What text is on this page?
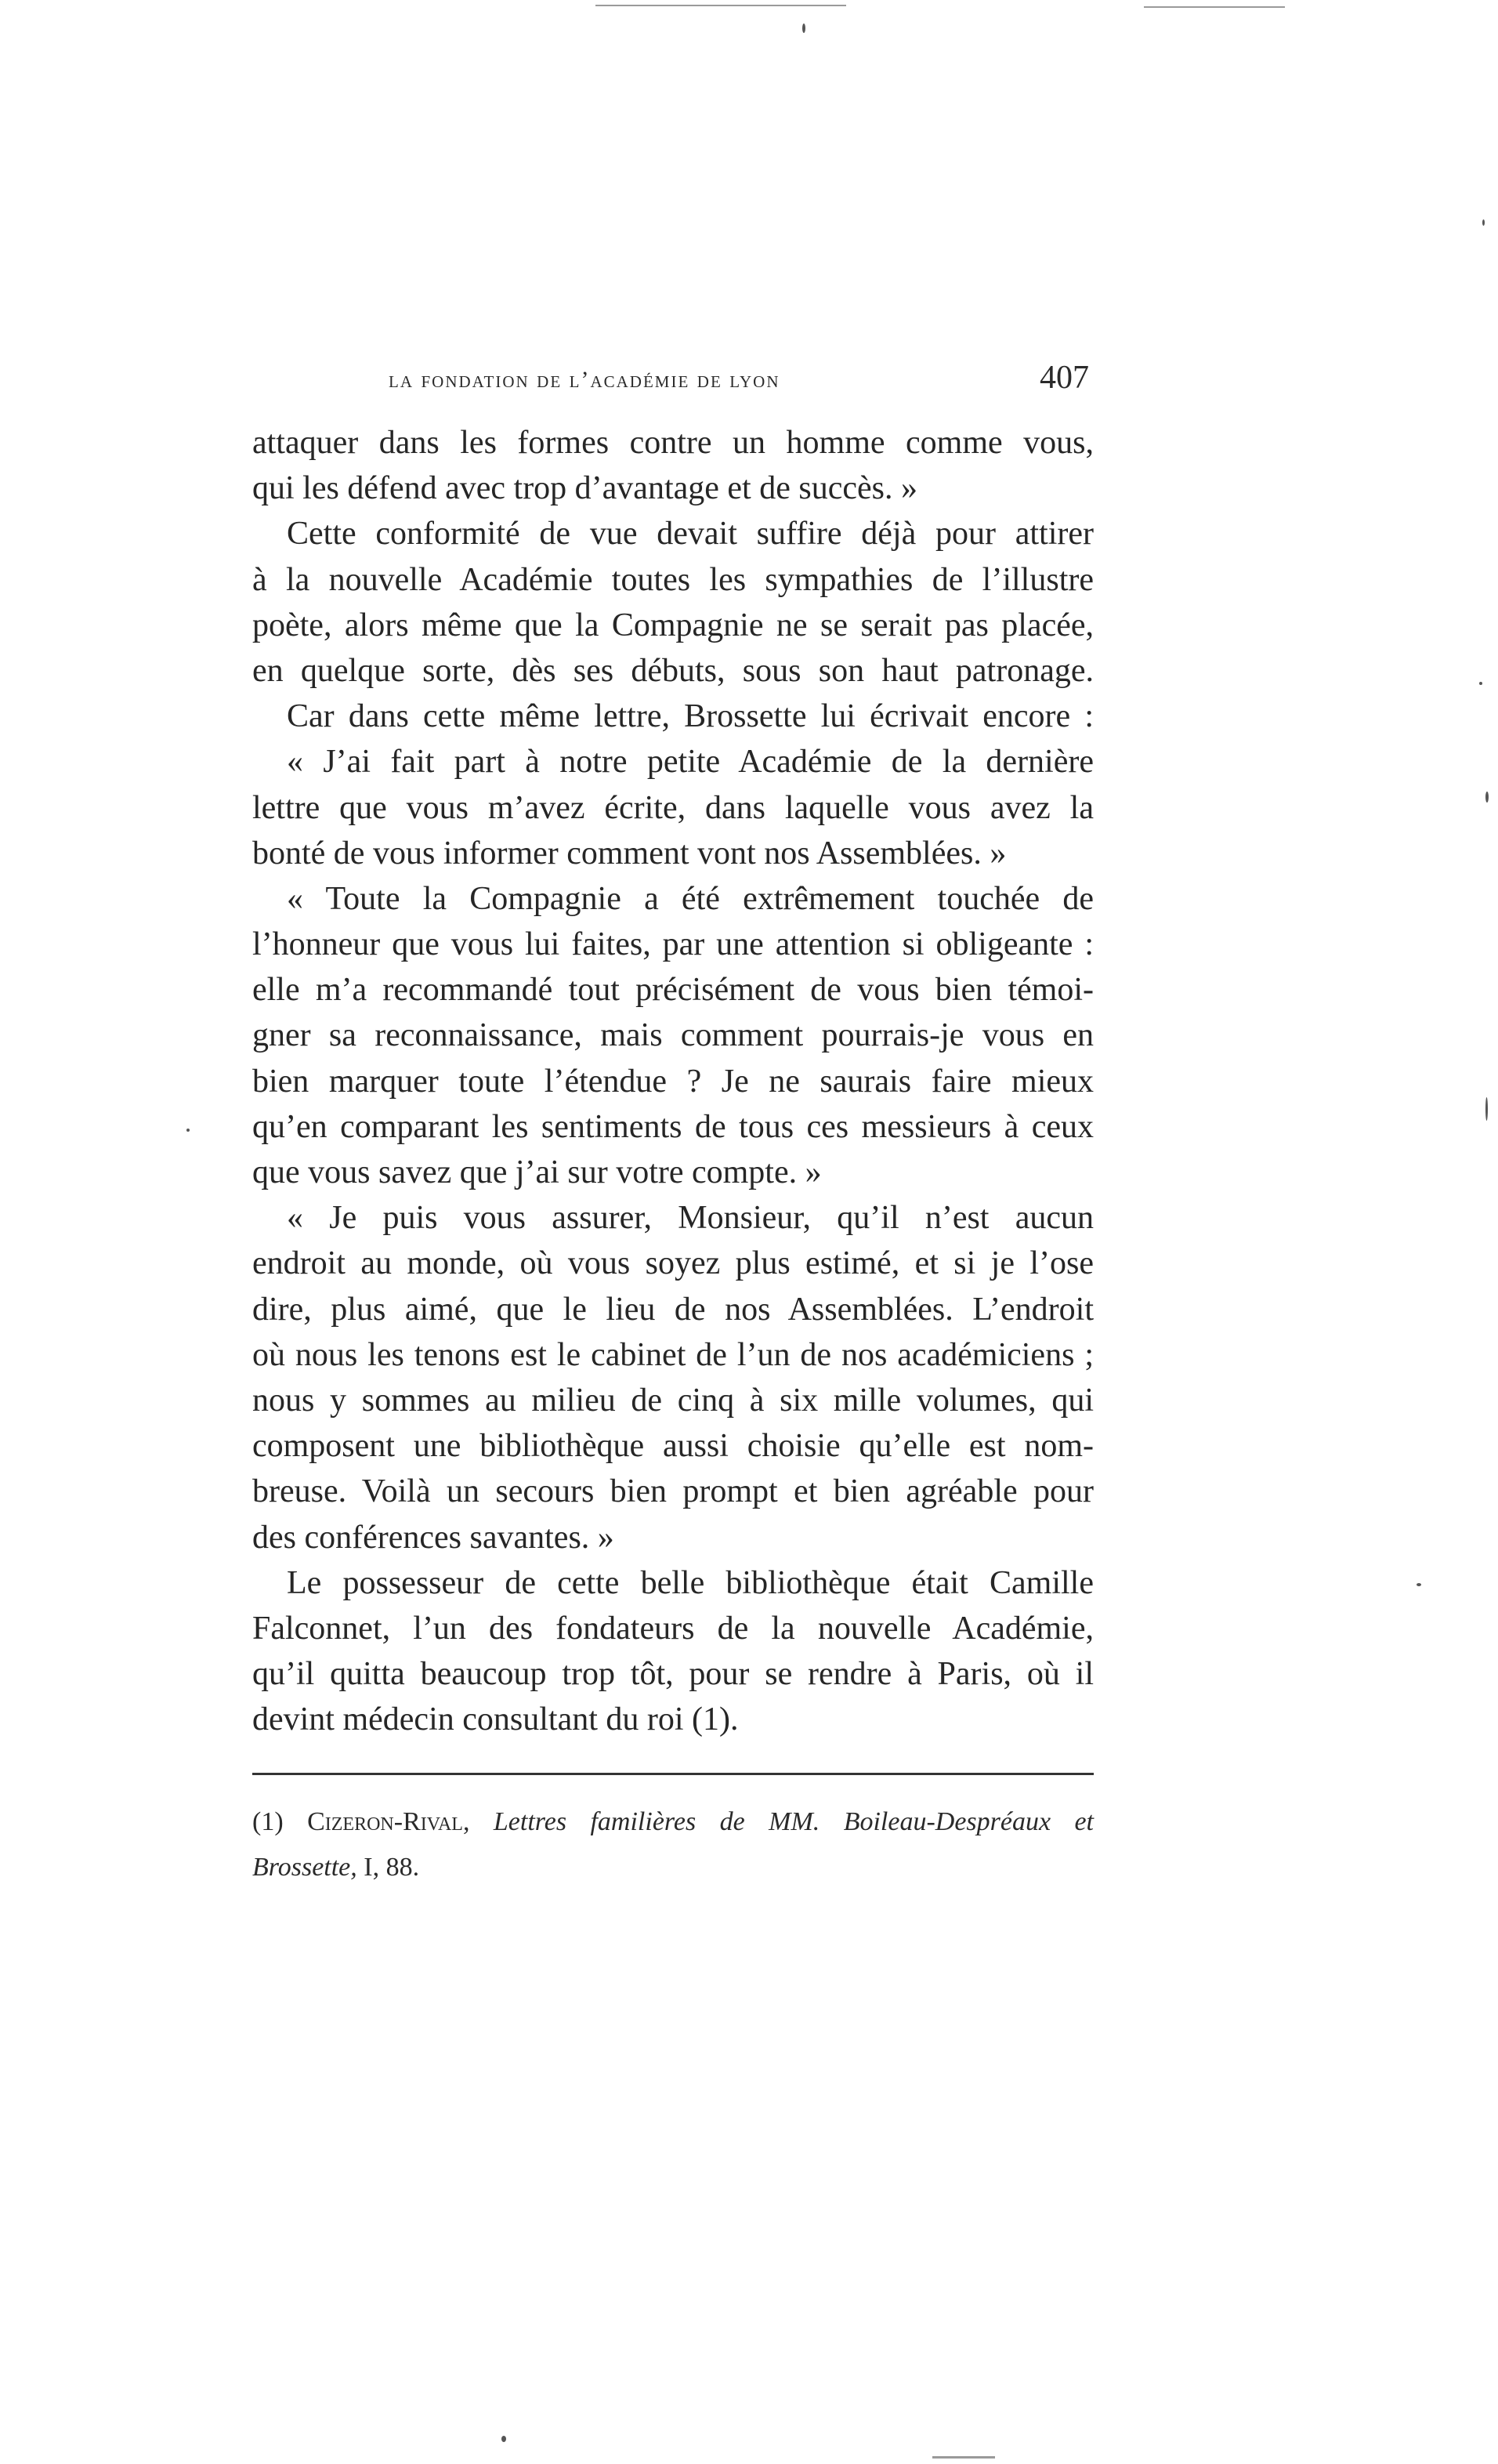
la fondation de l’académie de lyon	407
attaquer dans les formes contre un homme comme vous,
qui les défend avec trop d’avantage et de succès. »
Cette conformité de vue devait suffire déjà pour attirer
à la nouvelle Académie toutes les sympathies de l’illustre
poète, alors même que la Compagnie ne se serait pas placée,
en quelque sorte, dès ses débuts, sous son haut patronage.
Car dans cette même lettre, Brossette lui écrivait encore :
« J’ai fait part à notre petite Académie de la dernière
lettre que vous m’avez écrite, dans laquelle vous avez la
bonté de vous informer comment vont nos Assemblées. »
« Toute la Compagnie a été extrêmement touchée de
l’honneur que vous lui faites, par une attention si obligeante :
elle m’a recommandé tout précisément de vous bien témoi-
gner sa reconnaissance, mais comment pourrais-je vous en
bien marquer toute l’étendue ? Je ne saurais faire mieux
qu’en comparant les sentiments de tous ces messieurs à ceux
que vous savez que j’ai sur votre compte. »
« Je puis vous assurer, Monsieur, qu’il n’est aucun
endroit au monde, où vous soyez plus estimé, et si je l’ose
dire, plus aimé, que le lieu de nos Assemblées. L’endroit
où nous les tenons est le cabinet de l’un de nos académiciens ;
nous y sommes au milieu de cinq à six mille volumes, qui
composent une bibliothèque aussi choisie qu’elle est nom-
breuse. Voilà un secours bien prompt et bien agréable pour
des conférences savantes. »
Le possesseur de cette belle bibliothèque était Camille
Falconnet, l’un des fondateurs de la nouvelle Académie,
qu’il quitta beaucoup trop tôt, pour se rendre à Paris, où il
devint médecin consultant du roi (1).
(1) Cizeron-Rival, Lettres familières de MM. Boileau-Despréaux et
Brossette, I, 88.
